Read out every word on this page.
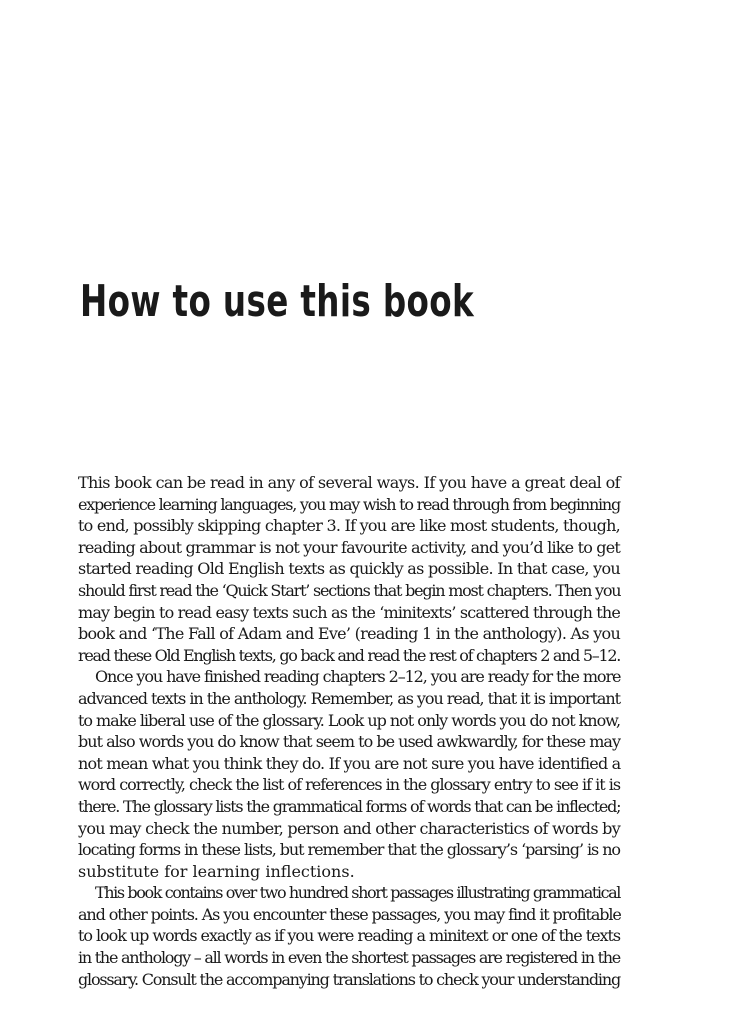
How to use this book
This book can be read in any of several ways. If you have a great deal of
experience learning languages, you may wish to read through from beginning
to end, possibly skipping chapter 3. If you are like most students, though,
reading about grammar is not your favourite activity, and you’d like to get
started reading Old English texts as quickly as possible. In that case, you
should first read the ‘Quick Start’ sections that begin most chapters. Then you
may begin to read easy texts such as the ‘minitexts’ scattered through the
book and ‘The Fall of Adam and Eve’ (reading 1 in the anthology). As you
read these Old English texts, go back and read the rest of chapters 2 and 5–12.
Once you have finished reading chapters 2–12, you are ready for the more
advanced texts in the anthology. Remember, as you read, that it is important
to make liberal use of the glossary. Look up not only words you do not know,
but also words you do know that seem to be used awkwardly, for these may
not mean what you think they do. If you are not sure you have identified a
word correctly, check the list of references in the glossary entry to see if it is
there. The glossary lists the grammatical forms of words that can be inflected;
you may check the number, person and other characteristics of words by
locating forms in these lists, but remember that the glossary’s ‘parsing’ is no
substitute for learning inflections.
This book contains over two hundred short passages illustrating grammatical
and other points. As you encounter these passages, you may find it profitable
to look up words exactly as if you were reading a minitext or one of the texts
in the anthology – all words in even the shortest passages are registered in the
glossary. Consult the accompanying translations to check your understanding
